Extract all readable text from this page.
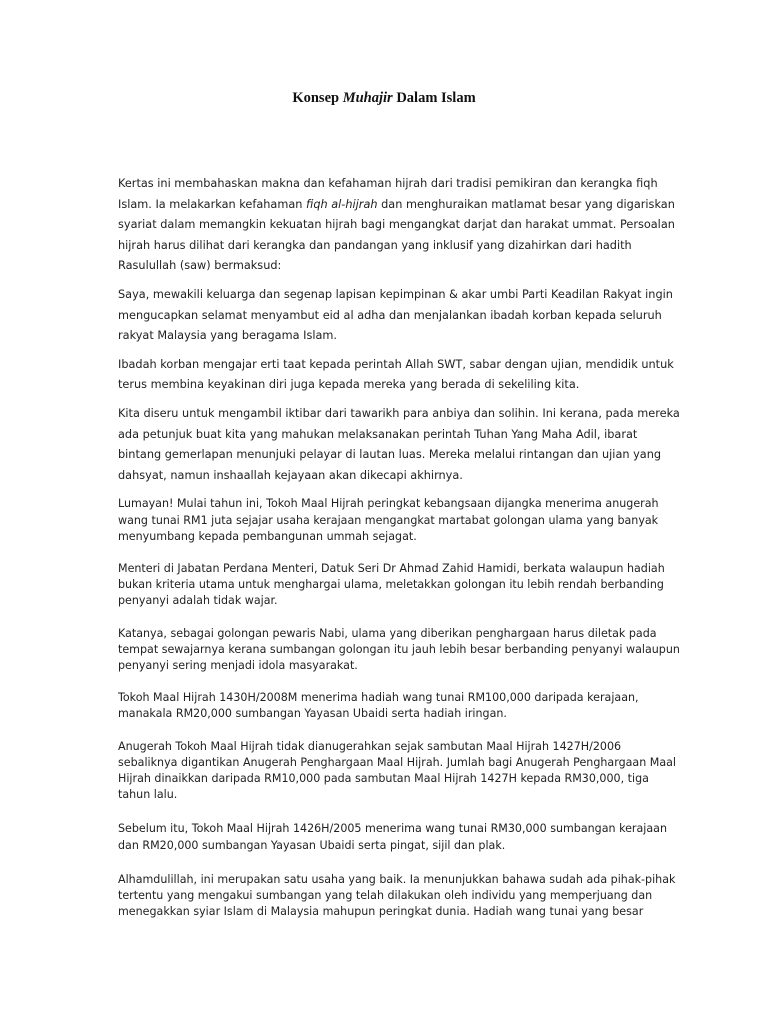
Konsep Muhajir Dalam Islam

Kertas ini membahaskan makna dan kefahaman hijrah dari tradisi pemikiran dan kerangka fiqh Islam. Ia melakarkan kefahaman fiqh al-hijrah dan menghuraikan matlamat besar yang digariskan syariat dalam memangkin kekuatan hijrah bagi mengangkat darjat dan harakat ummat. Persoalan hijrah harus dilihat dari kerangka dan pandangan yang inklusif yang dizahirkan dari hadith Rasulullah (saw) bermaksud:

Saya, mewakili keluarga dan segenap lapisan kepimpinan & akar umbi Parti Keadilan Rakyat ingin mengucapkan selamat menyambut eid al adha dan menjalankan ibadah korban kepada seluruh rakyat Malaysia yang beragama Islam.

Ibadah korban mengajar erti taat kepada perintah Allah SWT, sabar dengan ujian, mendidik untuk terus membina keyakinan diri juga kepada mereka yang berada di sekeliling kita.

Kita diseru untuk mengambil iktibar dari tawarikh para anbiya dan solihin. Ini kerana, pada mereka ada petunjuk buat kita yang mahukan melaksanakan perintah Tuhan Yang Maha Adil, ibarat bintang gemerlapan menunjuki pelayar di lautan luas. Mereka melalui rintangan dan ujian yang dahsyat, namun inshaallah kejayaan akan dikecapi akhirnya.

Lumayan! Mulai tahun ini, Tokoh Maal Hijrah peringkat kebangsaan dijangka menerima anugerah wang tunai RM1 juta sejajar usaha kerajaan mengangkat martabat golongan ulama yang banyak menyumbang kepada pembangunan ummah sejagat.

Menteri di Jabatan Perdana Menteri, Datuk Seri Dr Ahmad Zahid Hamidi, berkata walaupun hadiah bukan kriteria utama untuk menghargai ulama, meletakkan golongan itu lebih rendah berbanding penyanyi adalah tidak wajar.

Katanya, sebagai golongan pewaris Nabi, ulama yang diberikan penghargaan harus diletak pada tempat sewajarnya kerana sumbangan golongan itu jauh lebih besar berbanding penyanyi walaupun penyanyi sering menjadi idola masyarakat.

Tokoh Maal Hijrah 1430H/2008M menerima hadiah wang tunai RM100,000 daripada kerajaan, manakala RM20,000 sumbangan Yayasan Ubaidi serta hadiah iringan.

Anugerah Tokoh Maal Hijrah tidak dianugerahkan sejak sambutan Maal Hijrah 1427H/2006 sebaliknya digantikan Anugerah Penghargaan Maal Hijrah. Jumlah bagi Anugerah Penghargaan Maal Hijrah dinaikkan daripada RM10,000 pada sambutan Maal Hijrah 1427H kepada RM30,000, tiga tahun lalu.

Sebelum itu, Tokoh Maal Hijrah 1426H/2005 menerima wang tunai RM30,000 sumbangan kerajaan dan RM20,000 sumbangan Yayasan Ubaidi serta pingat, sijil dan plak.

Alhamdulillah, ini merupakan satu usaha yang baik. Ia menunjukkan bahawa sudah ada pihak-pihak tertentu yang mengakui sumbangan yang telah dilakukan oleh individu yang memperjuang dan menegakkan syiar Islam di Malaysia mahupun peringkat dunia. Hadiah wang tunai yang besar
